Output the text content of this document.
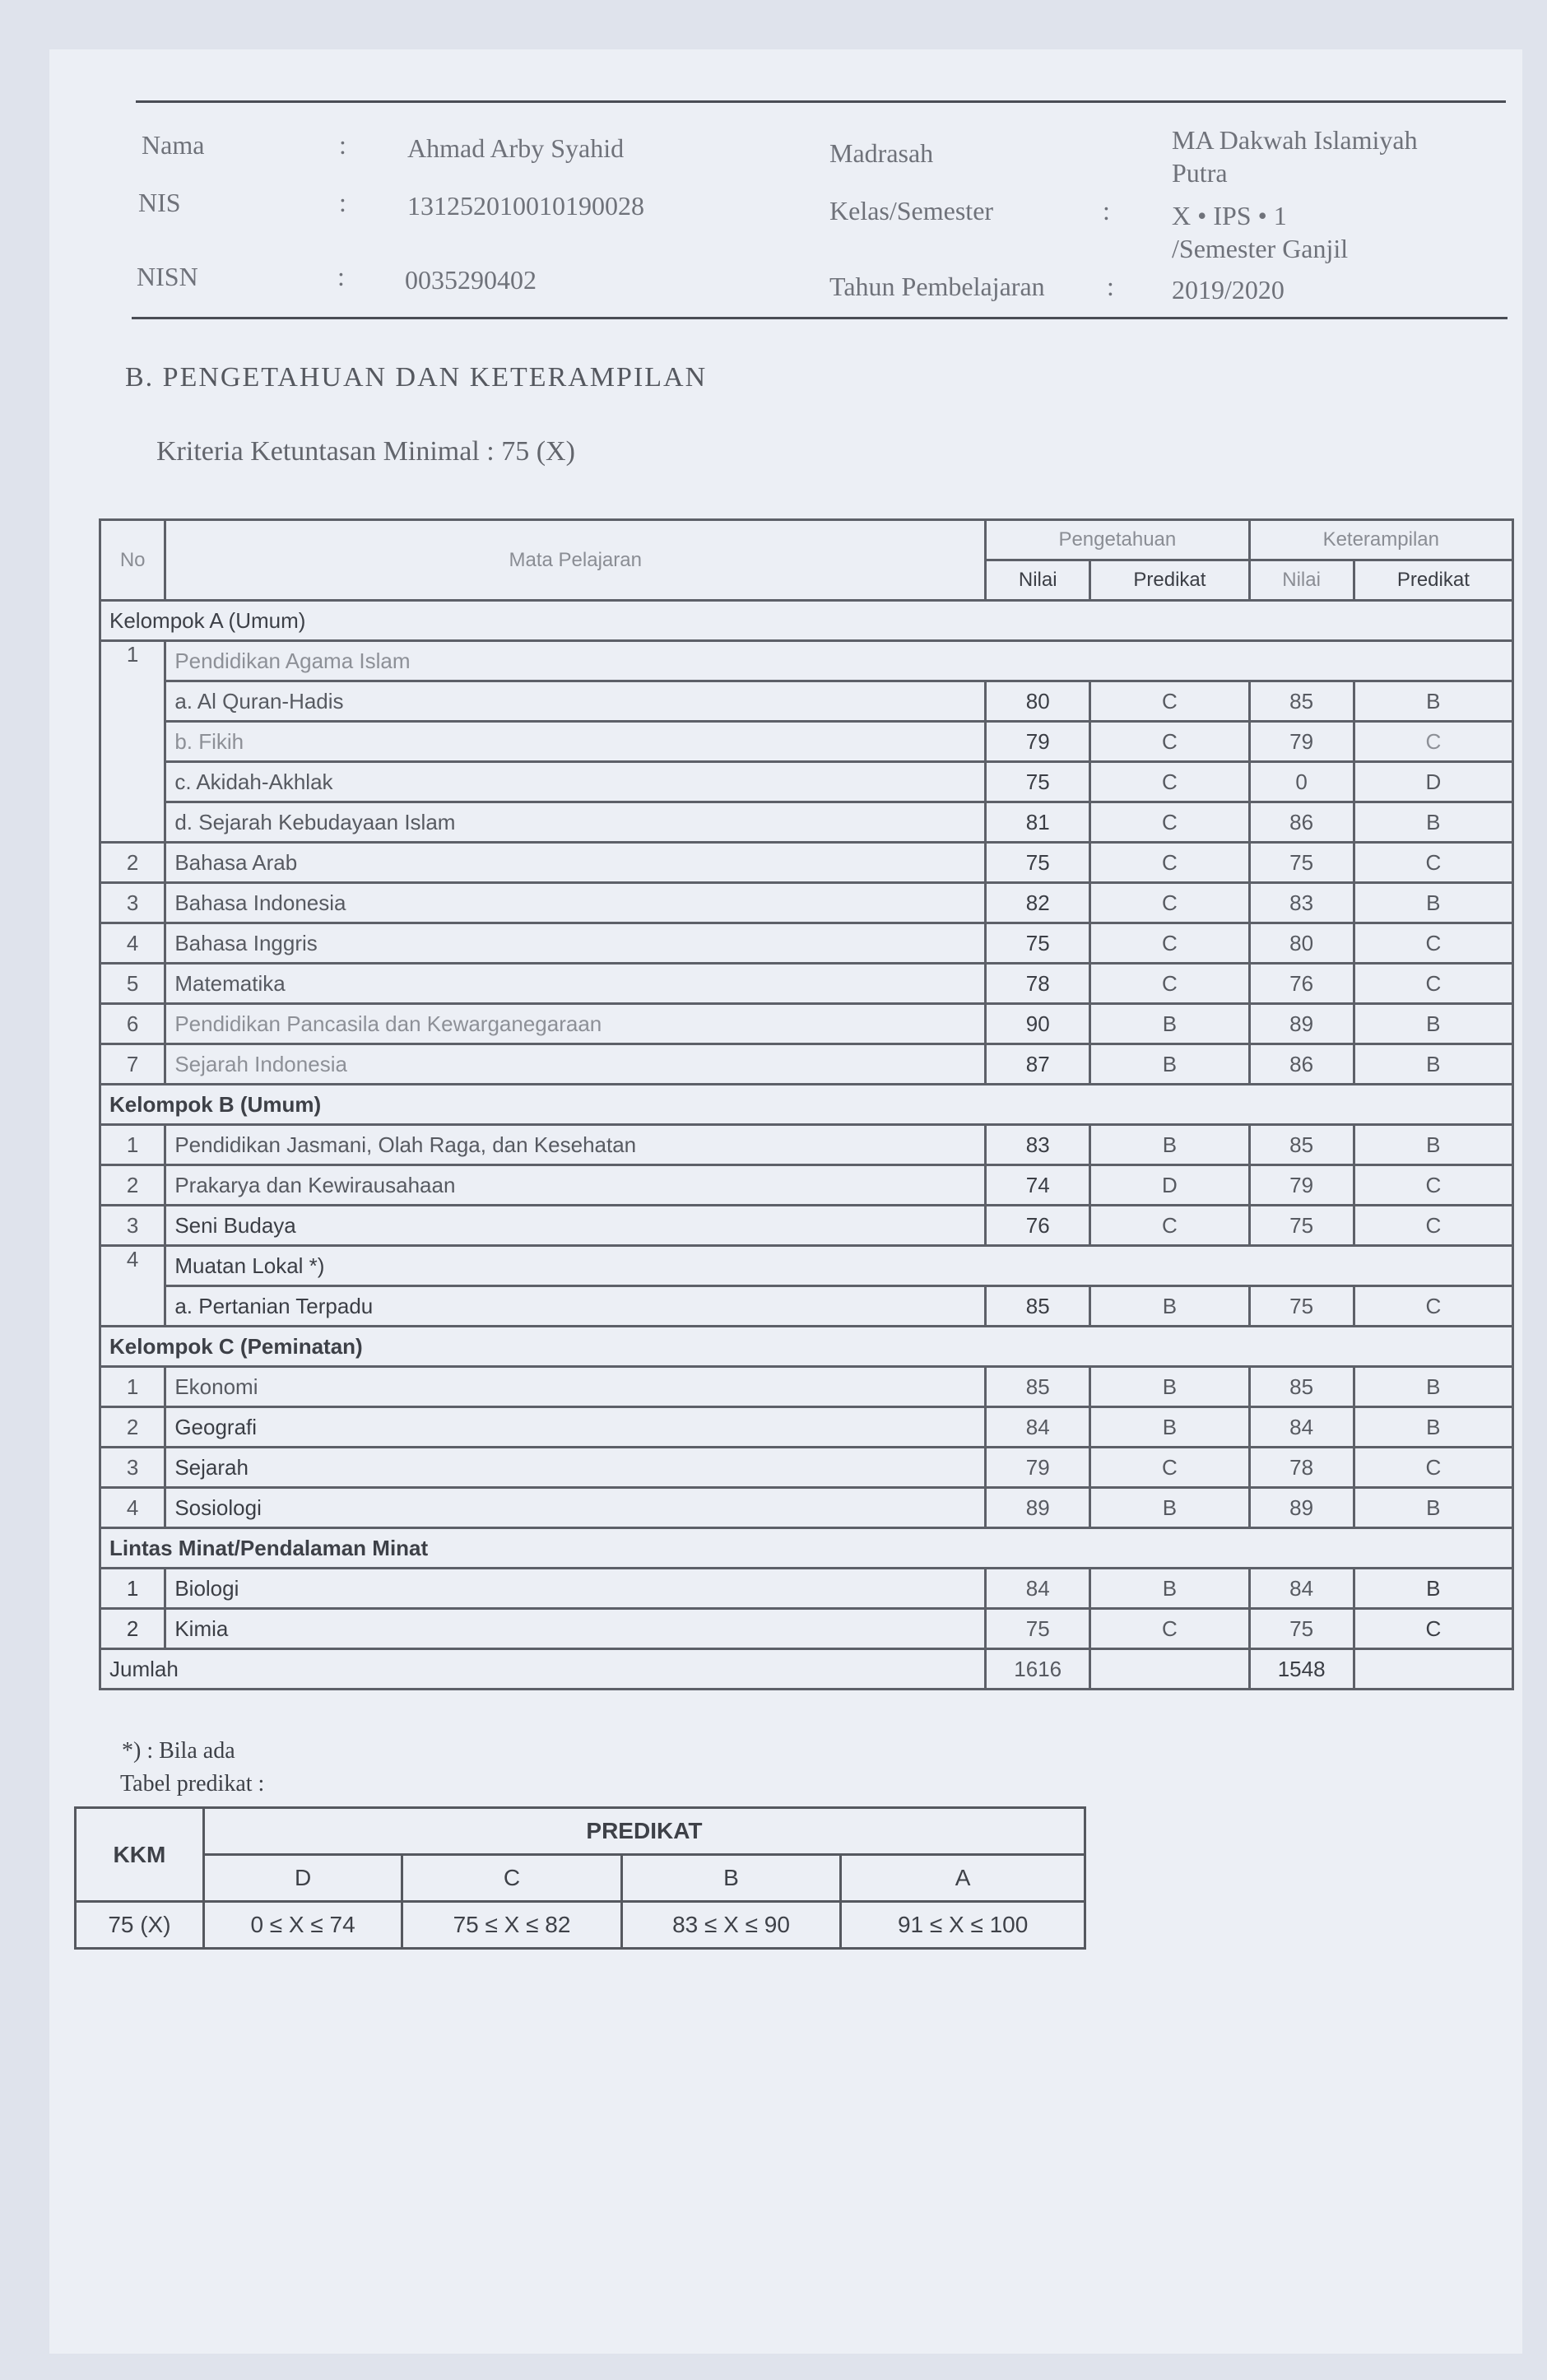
Nama	: Ahmad Arby Syahid
NIS	: 131252010010190028
NISN	: 0035290402
Madrasah	MA Dakwah Islamiyah
Putra
Kelas/Semester	: X • IPS • 1
/Semester Ganjil
Tahun Pembelajaran : 2019/2020
B. PENGETAHUAN DAN KETERAMPILAN
Kriteria Ketuntasan Minimal : 75 (X)
No	Mata Pelajaran	Pengetahuan		Keterampilan	
		Nilai	Predikat	Nilai	Predikat
Kelompok A (Umum)					
1	Pendidikan Agama Islam				
	a. Al Quran-Hadis	80	C	85	B
	b. Fikih	79	C	79	C
	c. Akidah-Akhlak	75	C	0	D
	d. Sejarah Kebudayaan Islam	81	C	86	B
2	Bahasa Arab	75	C	75	C
3	Bahasa Indonesia	82	C	83	B
4	Bahasa Inggris	75	C	80	C
5	Matematika	78	C	76	C
6	Pendidikan Pancasila dan Kewarganegaraan	90	B	89	B
7	Sejarah Indonesia	87	B	86	B
Kelompok B (Umum)					
1	Pendidikan Jasmani, Olah Raga, dan Kesehatan	83	B	85	B
2	Prakarya dan Kewirausahaan	74	D	79	C
3	Seni Budaya	76	C	75	C
4	Muatan Lokal *)				
	a. Pertanian Terpadu	85	B	75	C
Kelompok C (Peminatan)					
1	Ekonomi	85	B	85	B
2	Geografi	84	B	84	B
3	Sejarah	79	C	78	C
4	Sosiologi	89	B	89	B
Lintas Minat/Pendalaman Minat					
1	Biologi	84	B	84	B
2	Kimia	75	C	75	C
Jumlah		1616		1548	
*) : Bila ada
Tabel predikat :
KKM	PREDIKAT			
	D	C	B	A
75 (X)	0 ≤ X ≤ 74	75 ≤ X ≤ 82	83 ≤ X ≤ 90	91 ≤ X ≤ 100
